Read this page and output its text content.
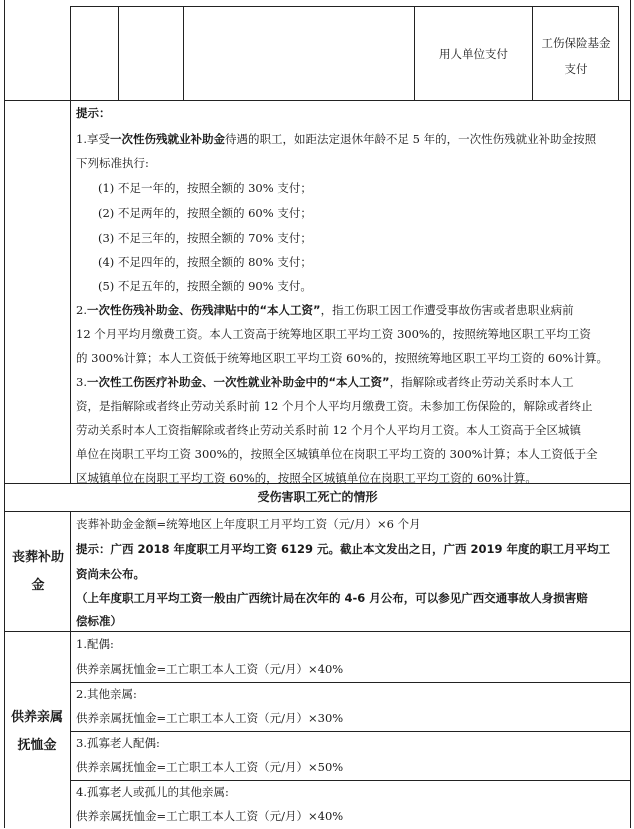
用人单位支付
工伤保险基金
支付
提示：
1.享受一次性伤残就业补助金待遇的职工，如距法定退休年龄不足 5 年的，一次性伤残就业补助金按照
下列标准执行:
(1) 不足一年的，按照全额的 30% 支付；
(2) 不足两年的，按照全额的 60% 支付；
(3) 不足三年的，按照全额的 70% 支付；
(4) 不足四年的，按照全额的 80% 支付；
(5) 不足五年的，按照全额的 90% 支付。
2.一次性伤残补助金、伤残津贴中的“本人工资”，指工伤职工因工作遭受事故伤害或者患职业病前
12 个月平均月缴费工资。本人工资高于统筹地区职工平均工资 300%的，按照统筹地区职工平均工资
的 300%计算；本人工资低于统筹地区职工平均工资 60%的，按照统筹地区职工平均工资的 60%计算。
3.一次性工伤医疗补助金、一次性就业补助金中的“本人工资”，指解除或者终止劳动关系时本人工
资，是指解除或者终止劳动关系时前 12 个月个人平均月缴费工资。未参加工伤保险的，解除或者终止
劳动关系时本人工资指解除或者终止劳动关系时前 12 个月个人平均月工资。本人工资高于全区城镇
单位在岗职工平均工资 300%的，按照全区城镇单位在岗职工平均工资的 300%计算；本人工资低于全
区城镇单位在岗职工平均工资 60%的，按照全区城镇单位在岗职工平均工资的 60%计算。
受伤害职工死亡的情形
丧葬补助金
丧葬补助金金额=统筹地区上年度职工月平均工资（元/月）×6 个月
提示：广西 2018 年度职工月平均工资 6129 元。截止本文发出之日，广西 2019 年度的职工月平均工
资尚未公布。
（上年度职工月平均工资一般由广西统计局在次年的 4-6 月公布，可以参见广西交通事故人身损害赔
偿标准）
供养亲属抚恤金
1.配偶:
供养亲属抚恤金=工亡职工本人工资（元/月）×40%
2.其他亲属:
供养亲属抚恤金=工亡职工本人工资（元/月）×30%
3.孤寡老人配偶:
供养亲属抚恤金=工亡职工本人工资（元/月）×50%
4.孤寡老人或孤儿的其他亲属:
供养亲属抚恤金=工亡职工本人工资（元/月）×40%
